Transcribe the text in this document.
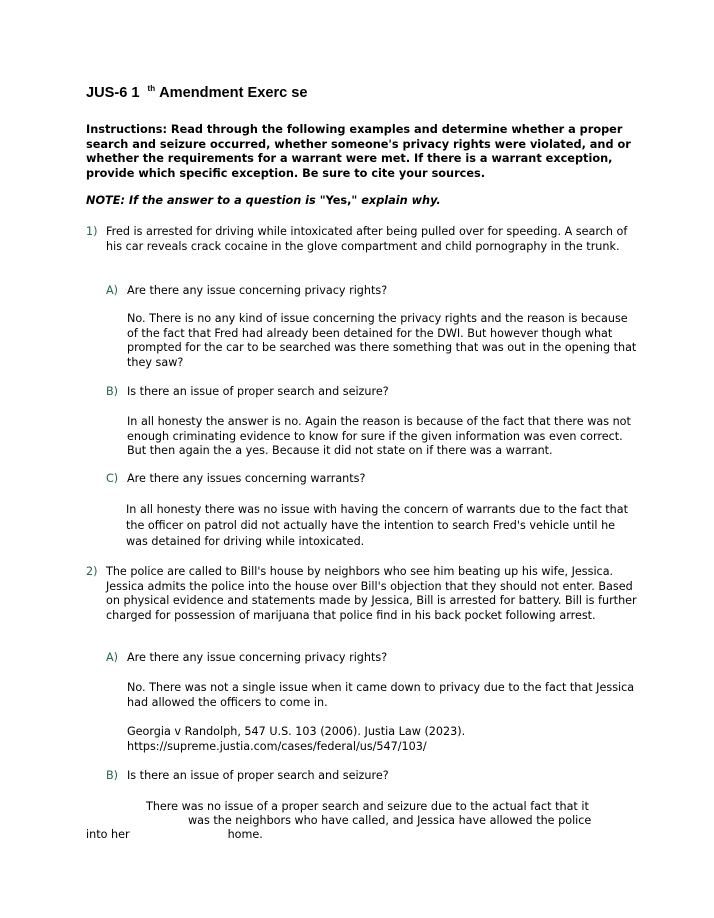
JUS-6 1 $^{th}$ Amendment Exerc se
Instructions: Read through the following examples and determine whether a proper search and seizure occurred, whether someone's privacy rights were violated, and or whether the requirements for a warrant were met. If there is a warrant exception, provide which specific exception. Be sure to cite your sources.
NOTE: If the answer to a question is "Yes," explain why.
1) Fred is arrested for driving while intoxicated after being pulled over for speeding. A search of his car reveals crack cocaine in the glove compartment and child pornography in the trunk.
A) Are there any issue concerning privacy rights?
No. There is no any kind of issue concerning the privacy rights and the reason is because of the fact that Fred had already been detained for the DWI. But however though what prompted for the car to be searched was there something that was out in the opening that they saw?
B) Is there an issue of proper search and seizure?
In all honesty the answer is no. Again the reason is because of the fact that there was not enough criminating evidence to know for sure if the given information was even correct. But then again the a yes. Because it did not state on if there was a warrant.
C) Are there any issues concerning warrants?
In all honesty there was no issue with having the concern of warrants due to the fact that the officer on patrol did not actually have the intention to search Fred's vehicle until he was detained for driving while intoxicated.
2) The police are called to Bill's house by neighbors who see him beating up his wife, Jessica. Jessica admits the police into the house over Bill's objection that they should not enter. Based on physical evidence and statements made by Jessica, Bill is arrested for battery. Bill is further charged for possession of marijuana that police find in his back pocket following arrest.
A) Are there any issue concerning privacy rights?
No. There was not a single issue when it came down to privacy due to the fact that Jessica had allowed the officers to come in.
Georgia v Randolph, 547 U.S. 103 (2006). Justia Law (2023). https://supreme.justia.com/cases/federal/us/547/103/
B) Is there an issue of proper search and seizure?
There was no issue of a proper search and seizure due to the actual fact that it
was the neighbors who have called, and Jessica have allowed the police
into her	home.
